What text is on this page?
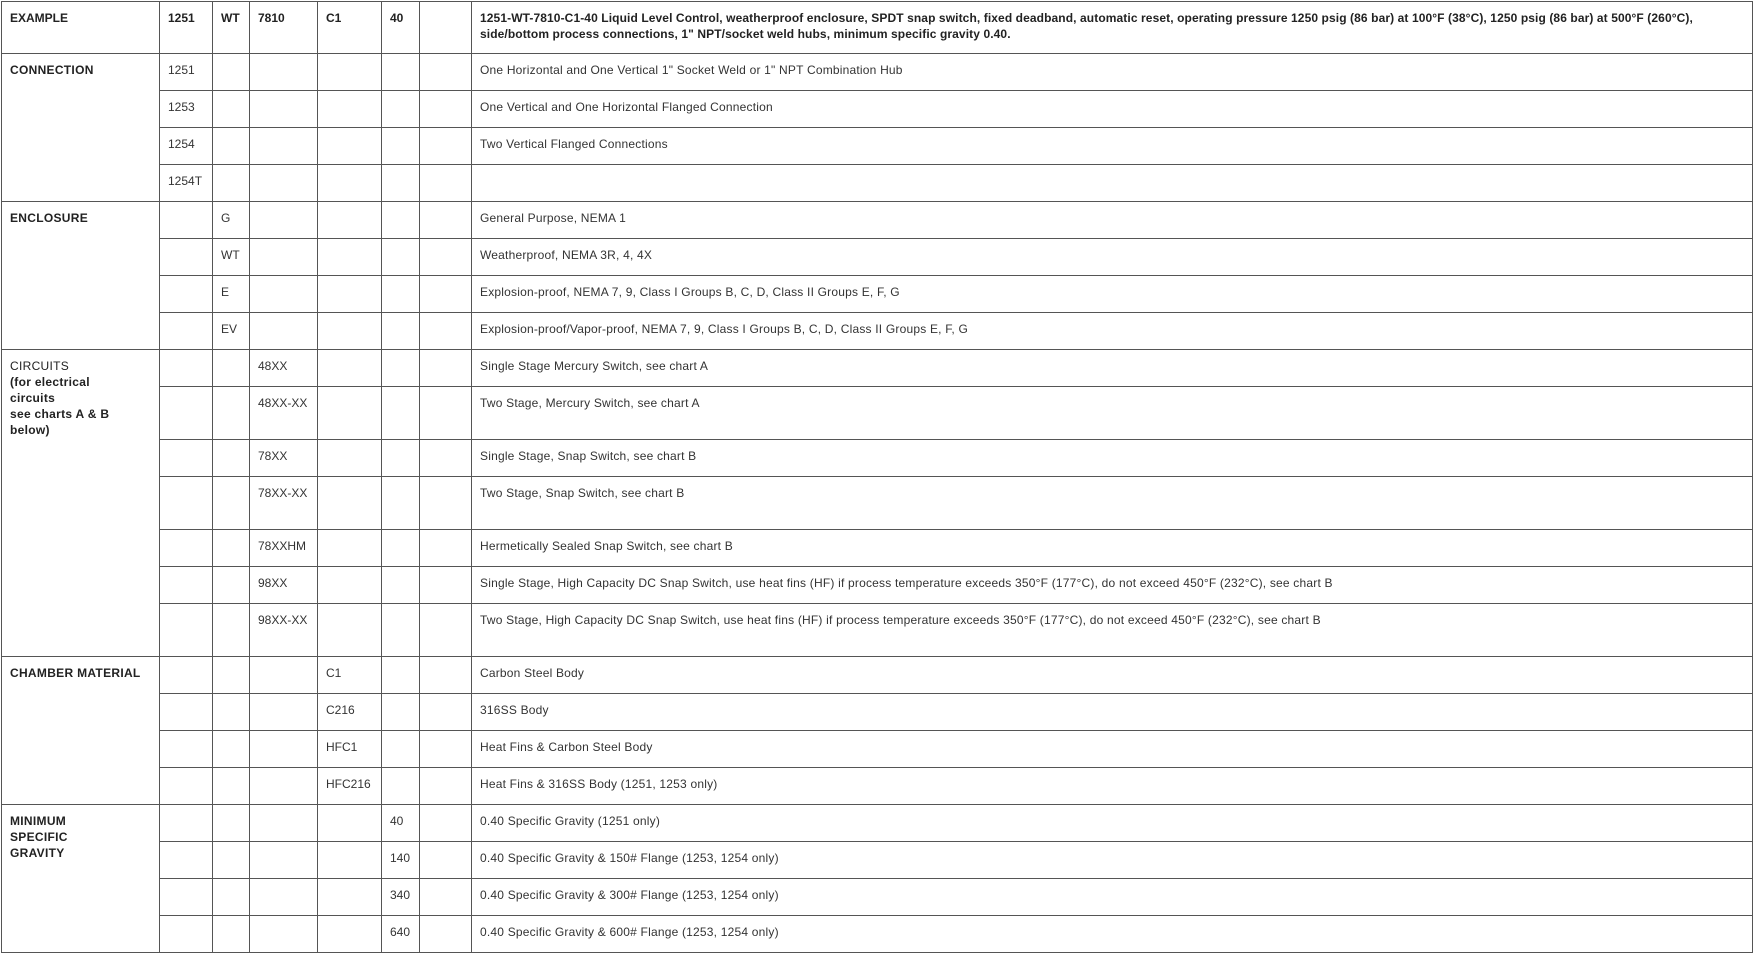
EXAMPLE	1251	WT	7810	C1	40		1251-WT-7810-C1-40 Liquid Level Control, weatherproof enclosure, SPDT snap switch, fixed deadband, automatic reset, operating pressure 1250 psig (86 bar) at 100°F (38°C), 1250 psig (86 bar) at 500°F (260°C), side/bottom process connections, 1" NPT/socket weld hubs, minimum specific gravity 0.40.

CONNECTION	1251						One Horizontal and One Vertical 1" Socket Weld or 1" NPT Combination Hub
	1253						One Vertical and One Horizontal Flanged Connection
	1254						Two Vertical Flanged Connections
	1254T						

ENCLOSURE		G					General Purpose, NEMA 1
		WT					Weatherproof, NEMA 3R, 4, 4X
		E					Explosion-proof, NEMA 7, 9, Class I Groups B, C, D, Class II Groups E, F, G
		EV					Explosion-proof/Vapor-proof, NEMA 7, 9, Class I Groups B, C, D, Class II Groups E, F, G

CIRCUITS
(for electrical
circuits
see charts A & B
below)			48XX				Single Stage Mercury Switch, see chart A
			48XX-XX				Two Stage, Mercury Switch, see chart A
			78XX				Single Stage, Snap Switch, see chart B
			78XX-XX				Two Stage, Snap Switch, see chart B
			78XXHM				Hermetically Sealed Snap Switch, see chart B
			98XX				Single Stage, High Capacity DC Snap Switch, use heat fins (HF) if process temperature exceeds 350°F (177°C), do not exceed 450°F (232°C), see chart B
			98XX-XX				Two Stage, High Capacity DC Snap Switch, use heat fins (HF) if process temperature exceeds 350°F (177°C), do not exceed 450°F (232°C), see chart B

CHAMBER MATERIAL				C1			Carbon Steel Body
				C216			316SS Body
				HFC1			Heat Fins & Carbon Steel Body
				HFC216			Heat Fins & 316SS Body (1251, 1253 only)

MINIMUM
SPECIFIC
GRAVITY					40		0.40 Specific Gravity (1251 only)
					140		0.40 Specific Gravity & 150# Flange (1253, 1254 only)
					340		0.40 Specific Gravity & 300# Flange (1253, 1254 only)
					640		0.40 Specific Gravity & 600# Flange (1253, 1254 only)
